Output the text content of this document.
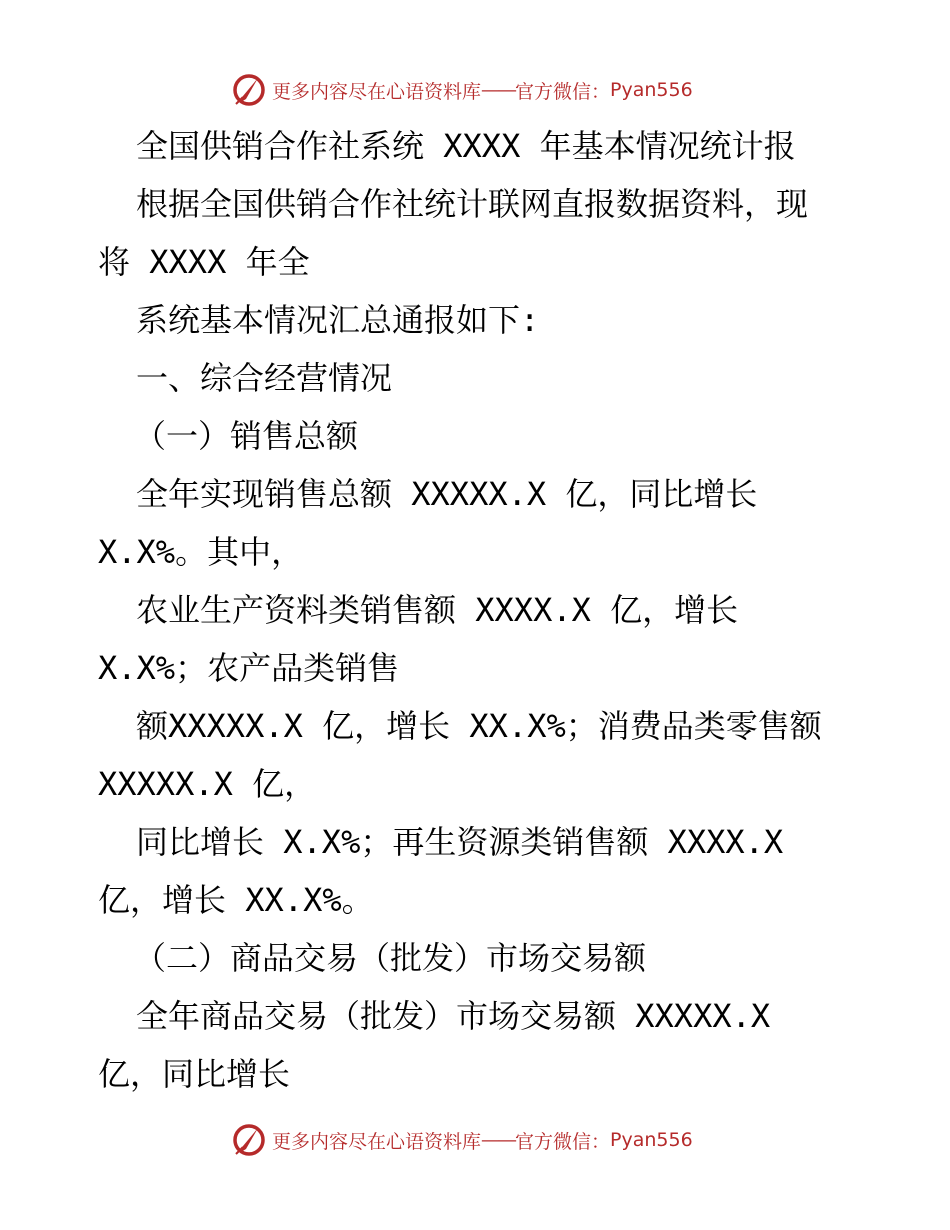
更多内容尽在心语资料库 —— 官方微信： Pyan556
全国供销合作社系统 XXXX 年基本情况统计报
根据全国供销合作社统计联网直报数据资料，现
将 XXXX 年全
系统基本情况汇总通报如下:
一、综合经营情况
（一）销售总额
全年实现销售总额 XXXXX.X 亿，同比增长
X.X%。其中，
农业生产资料类销售额 XXXX.X 亿，增长
X.X%；农产品类销售
额XXXXX.X 亿，增长 XX.X%；消费品类零售额
XXXXX.X 亿，
同比增长 X.X%；再生资源类销售额 XXXX.X
亿，增长 XX.X%。
（二）商品交易（批发）市场交易额
全年商品交易（批发）市场交易额 XXXXX.X
亿，同比增长
更多内容尽在心语资料库 —— 官方微信： Pyan556
